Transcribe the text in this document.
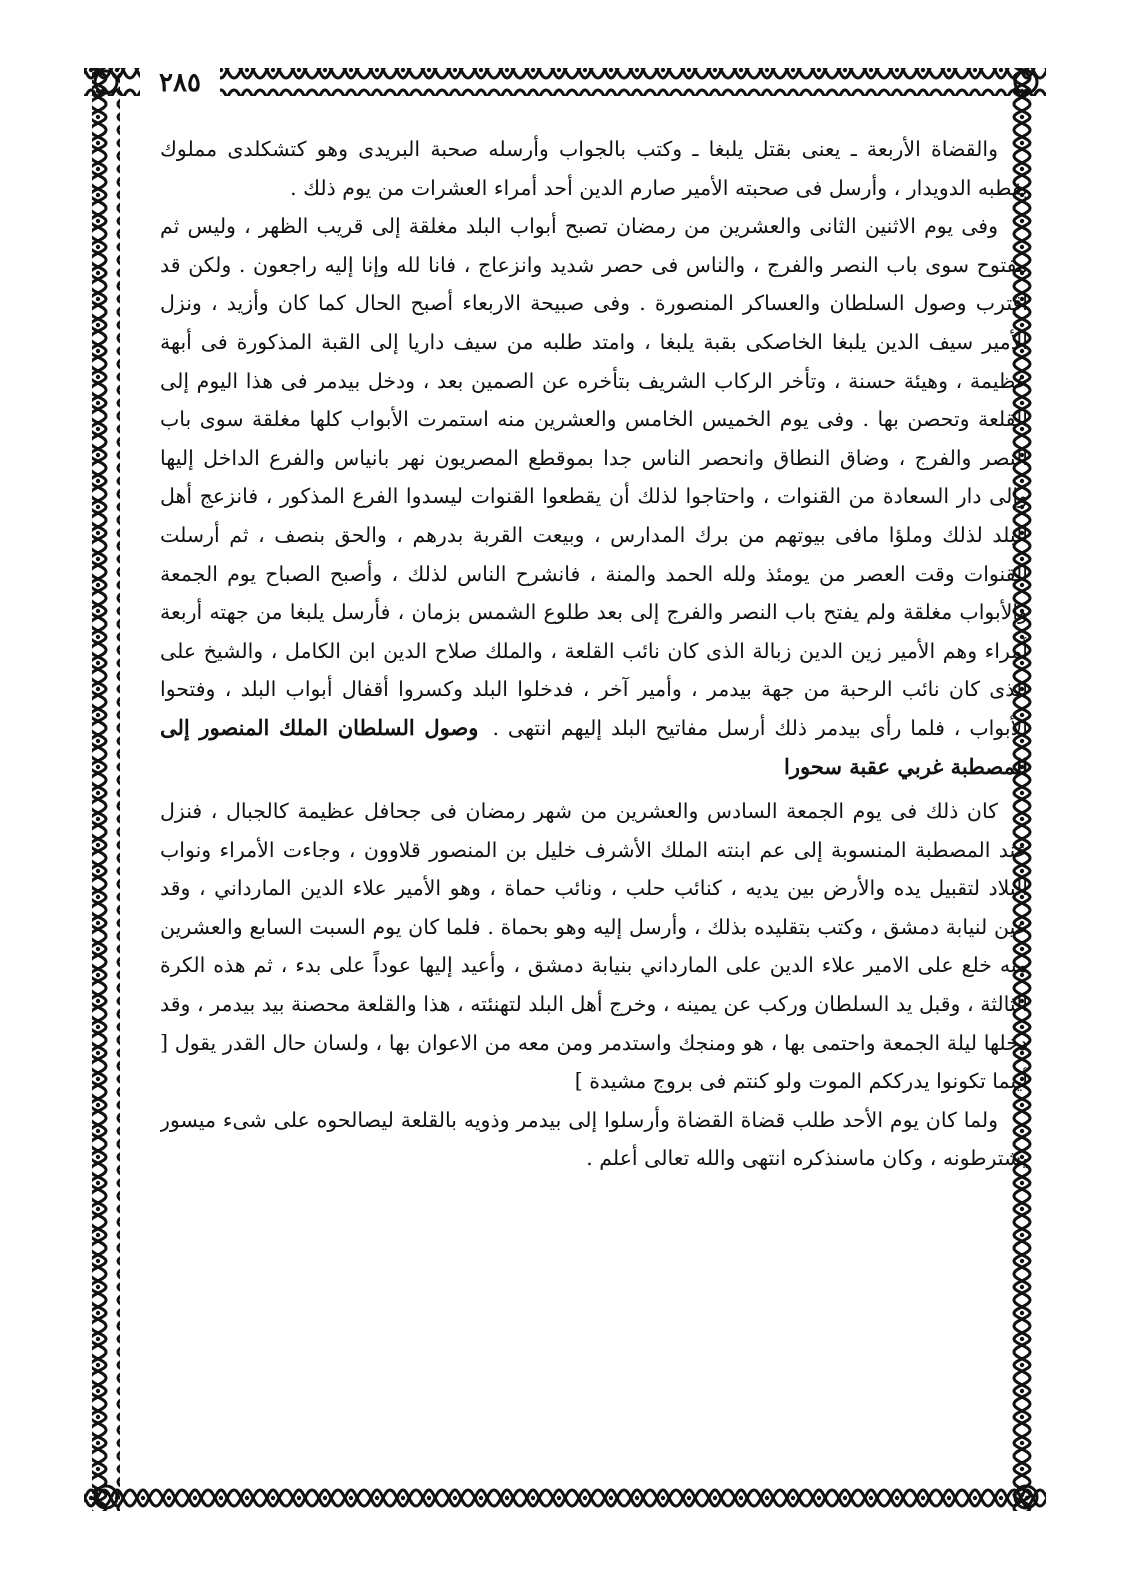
٢٨٥

والقضاة الأربعة ـ يعنى بقتل يلبغا ـ وكتب بالجواب وأرسله صحبة البريدى وهو كتشكلدى مملوك بقطبه الدويدار ، وأرسل فى صحبته الأمير صارم الدين أحد أمراء العشرات من يوم ذلك .

وفى يوم الاثنين الثانى والعشرين من رمضان تصبح أبواب البلد مغلقة إلى قريب الظهر ، وليس ثم مفتوح سوى باب النصر والفرج ، والناس فى حصر شديد وانزعاج ، فانا لله وإنا إليه راجعون . ولكن قد اقترب وصول السلطان والعساكر المنصورة . وفى صبيحة الاربعاء أصبح الحال كما كان وأزيد ، ونزل الأمير سيف الدين يلبغا الخاصكى بقبة يلبغا ، وامتد طلبه من سيف داريا إلى القبة المذكورة فى أبهة عظيمة ، وهيئة حسنة ، وتأخر الركاب الشريف بتأخره عن الصمين بعد ، ودخل بيدمر فى هذا اليوم إلى القلعة وتحصن بها . وفى يوم الخميس الخامس والعشرين منه استمرت الأبواب كلها مغلقة سوى باب النصر والفرج ، وضاق النطاق وانحصر الناس جدا بموقطع المصريون نهر بانياس والفرع الداخل إليها وإلى دار السعادة من القنوات ، واحتاجوا لذلك أن يقطعوا القنوات ليسدوا الفرع المذكور ، فانزعج أهل البلد لذلك وملؤا مافى بيوتهم من برك المدارس ، وبيعت القربة بدرهم ، والحق بنصف ، ثم أرسلت القنوات وقت العصر من يومئذ ولله الحمد والمنة ، فانشرح الناس لذلك ، وأصبح الصباح يوم الجمعة والأبواب مغلقة ولم يفتح باب النصر والفرج إلى بعد طلوع الشمس بزمان ، فأرسل يلبغا من جهته أربعة أمراء وهم الأمير زين الدين زبالة الذى كان نائب القلعة ، والملك صلاح الدين ابن الكامل ، والشيخ على الذى كان نائب الرحبة من جهة بيدمر ، وأمير آخر ، فدخلوا البلد وكسروا أقفال أبواب البلد ، وفتحوا الأبواب ، فلما رأى بيدمر ذلك أرسل مفاتيح البلد إليهم انتهى .وصول السلطان الملك المنصور إلى المصطبة غربي عقبة سحورا

كان ذلك فى يوم الجمعة السادس والعشرين من شهر رمضان فى جحافل عظيمة كالجبال ، فنزل عند المصطبة المنسوبة إلى عم ابنته الملك الأشرف خليل بن المنصور قلاوون ، وجاءت الأمراء ونواب البلاد لتقبيل يده والأرض بين يديه ، كنائب حلب ، ونائب حماة ، وهو الأمير علاء الدين المارداني ، وقد عين لنيابة دمشق ، وكتب بتقليده بذلك ، وأرسل إليه وهو بحماة . فلما كان يوم السبت السابع والعشرين منه خلع على الامير علاء الدين على المارداني بنيابة دمشق ، وأعيد إليها عوداً على بدء ، ثم هذه الكرة الثالثة ، وقبل يد السلطان وركب عن يمينه ، وخرج أهل البلد لتهنئته ، هذا والقلعة محصنة بيد بيدمر ، وقد دخلها ليلة الجمعة واحتمى بها ، هو ومنجك واستدمر ومن معه من الاعوان بها ، ولسان حال القدر يقول [ أينما تكونوا يدرككم الموت ولو كنتم فى بروج مشيدة ]

ولما كان يوم الأحد طلب قضاة القضاة وأرسلوا إلى بيدمر وذويه بالقلعة ليصالحوه على شىء ميسور يشترطونه ، وكان ماسنذكره انتهى والله تعالى أعلم .
